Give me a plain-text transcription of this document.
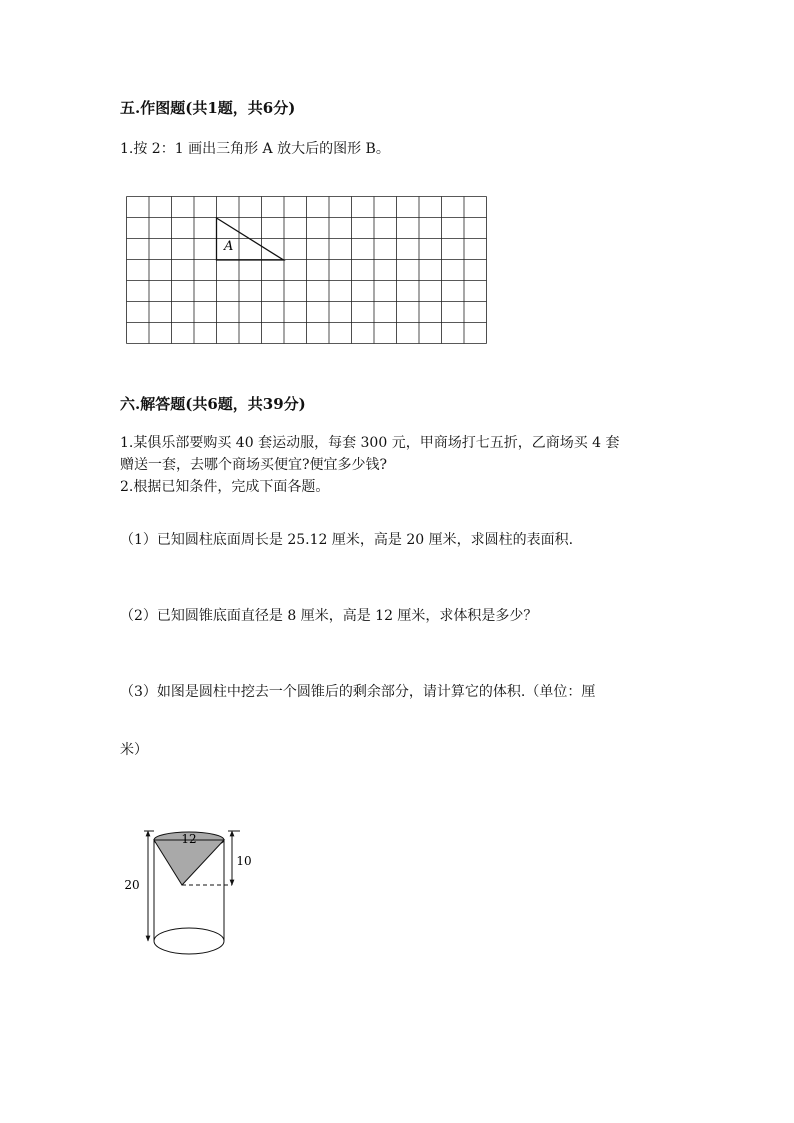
五.作图题(共1题，共6分)
1.按 2：1 画出三角形 A 放大后的图形 B。
A
六.解答题(共6题，共39分)
1.某俱乐部要购买 40 套运动服，每套 300 元，甲商场打七五折，乙商场买 4 套
赠送一套，去哪个商场买便宜?便宜多少钱?
2.根据已知条件，完成下面各题。
（1）已知圆柱底面周长是 25.12 厘米，高是 20 厘米，求圆柱的表面积.
（2）已知圆锥底面直径是 8 厘米，高是 12 厘米，求体积是多少？
（3）如图是圆柱中挖去一个圆锥后的剩余部分，请计算它的体积.（单位：厘
米）
12
20
10
